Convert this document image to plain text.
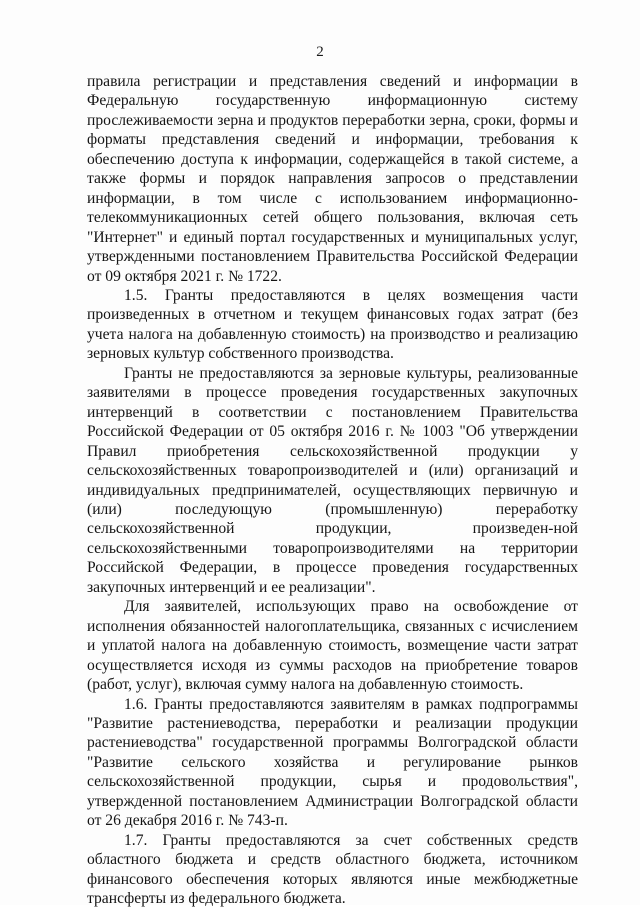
2

правила регистрации и представления сведений и информации в Федеральную государственную информационную систему прослеживаемости зерна и продуктов переработки зерна, сроки, формы и форматы представления сведений и информации, требования к обеспечению доступа к информации, содержащейся в такой системе, а также формы и порядок направления запросов о представлении информации, в том числе с использованием информационно-телекоммуникационных сетей общего пользования, включая сеть "Интернет" и единый портал государственных и муниципальных услуг, утвержденными постановлением Правительства Российской Федерации от 09 октября 2021 г. № 1722.

1.5. Гранты предоставляются в целях возмещения части произведенных в отчетном и текущем финансовых годах затрат (без учета налога на добавленную стоимость) на производство и реализацию зерновых культур собственного производства.

Гранты не предоставляются за зерновые культуры, реализованные заявителями в процессе проведения государственных закупочных интервенций в соответствии с постановлением Правительства Российской Федерации от 05 октября 2016 г. № 1003 "Об утверждении Правил приобретения сельскохозяйственной продукции у сельскохозяйственных товаропроизводителей и (или) организаций и индивидуальных предпринимателей, осуществляющих первичную и (или) последующую (промышленную) переработку сельскохозяйственной продукции, произведен-ной сельскохозяйственными товаропроизводителями на территории Российской Федерации, в процессе проведения государственных закупочных интервенций и ее реализации".

Для заявителей, использующих право на освобождение от исполнения обязанностей налогоплательщика, связанных с исчислением и уплатой налога на добавленную стоимость, возмещение части затрат осуществляется исходя из суммы расходов на приобретение товаров (работ, услуг), включая сумму налога на добавленную стоимость.

1.6. Гранты предоставляются заявителям в рамках подпрограммы "Развитие растениеводства, переработки и реализации продукции растениеводства" государственной программы Волгоградской области "Развитие сельского хозяйства и регулирование рынков сельскохозяйственной продукции, сырья и продовольствия", утвержденной постановлением Администрации Волгоградской области от 26 декабря 2016 г. № 743-п.

1.7. Гранты предоставляются за счет собственных средств областного бюджета и средств областного бюджета, источником финансового обеспечения которых являются иные межбюджетные трансферты из федерального бюджета.
